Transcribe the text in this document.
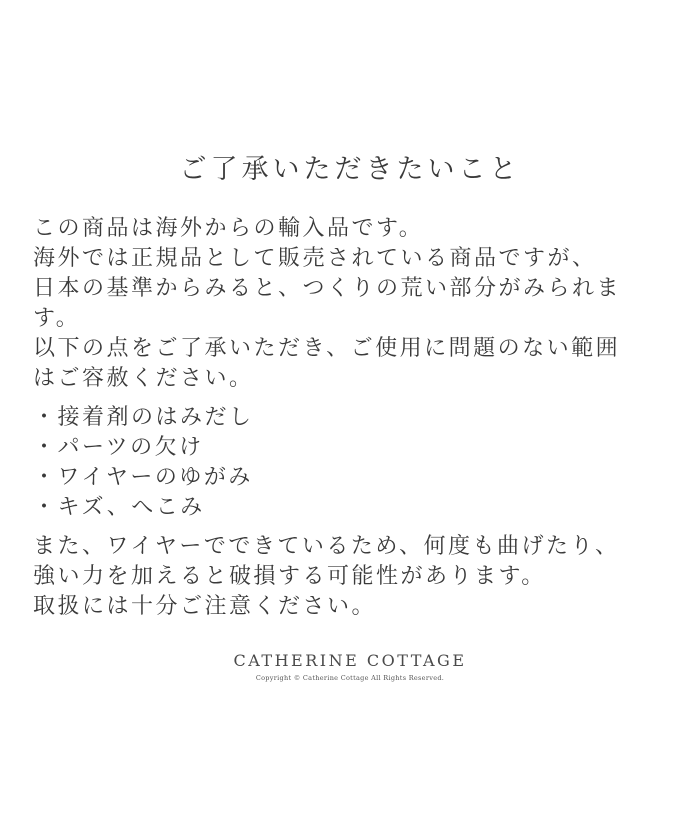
ご了承いただきたいこと
この商品は海外からの輸入品です。
海外では正規品として販売されている商品ですが、
日本の基準からみると、つくりの荒い部分がみられま
す。
以下の点をご了承いただき、ご使用に問題のない範囲
はご容赦ください。
・接着剤のはみだし
・パーツの欠け
・ワイヤーのゆがみ
・キズ、へこみ
また、ワイヤーでできているため、何度も曲げたり、
強い力を加えると破損する可能性があります。
取扱には十分ご注意ください。
CATHERINE COTTAGE
Copyright © Catherine Cottage All Rights Reserved.
